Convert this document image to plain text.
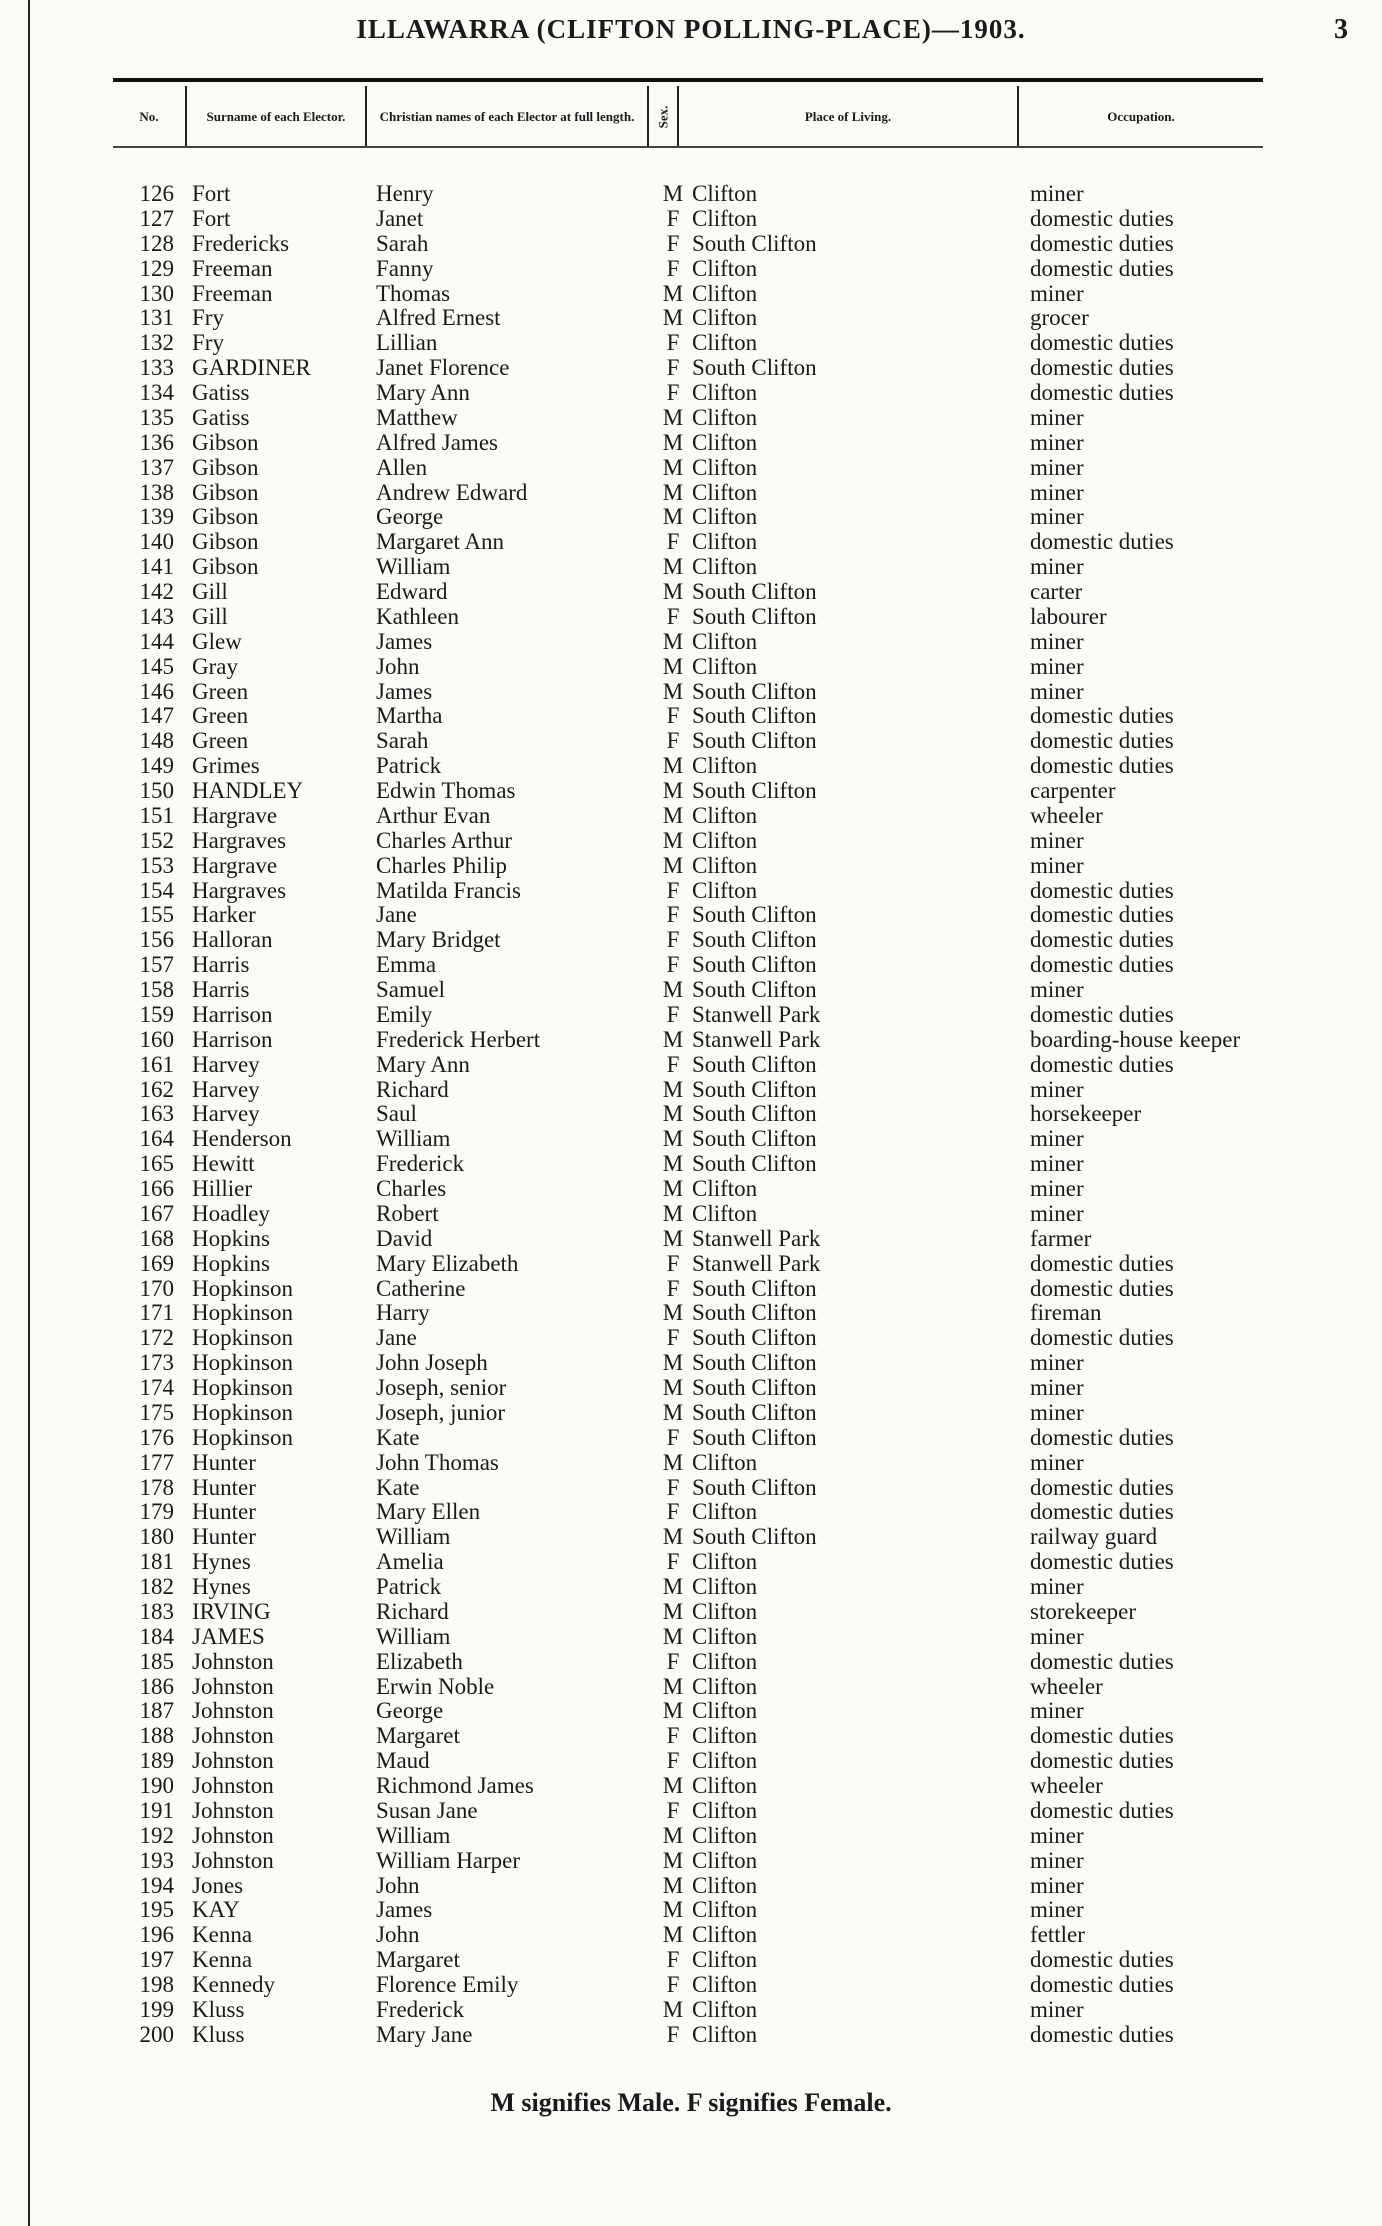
ILLAWARRA (CLIFTON POLLING-PLACE)—1903.	3
No.	Surname of each Elector.	Christian names of each Elector at full length.	Sex.	Place of Living.	Occupation.
126 Fort	Henry	M Clifton	miner
127 Fort	Janet	F Clifton	domestic duties
128 Fredericks	Sarah	F South Clifton	domestic duties
129 Freeman	Fanny	F Clifton	domestic duties
130 Freeman	Thomas	M Clifton	miner
131 Fry	Alfred Ernest	M Clifton	grocer
132 Fry	Lillian	F Clifton	domestic duties
133 GARDINER	Janet Florence	F South Clifton	domestic duties
134 Gatiss	Mary Ann	F Clifton	domestic duties
135 Gatiss	Matthew	M Clifton	miner
136 Gibson	Alfred James	M Clifton	miner
137 Gibson	Allen	M Clifton	miner
138 Gibson	Andrew Edward	M Clifton	miner
139 Gibson	George	M Clifton	miner
140 Gibson	Margaret Ann	F Clifton	domestic duties
141 Gibson	William	M Clifton	miner
142 Gill	Edward	M South Clifton	carter
143 Gill	Kathleen	F South Clifton	labourer
144 Glew	James	M Clifton	miner
145 Gray	John	M Clifton	miner
146 Green	James	M South Clifton	miner
147 Green	Martha	F South Clifton	domestic duties
148 Green	Sarah	F South Clifton	domestic duties
149 Grimes	Patrick	M Clifton	domestic duties
150 HANDLEY	Edwin Thomas	M South Clifton	carpenter
151 Hargrave	Arthur Evan	M Clifton	wheeler
152 Hargraves	Charles Arthur	M Clifton	miner
153 Hargrave	Charles Philip	M Clifton	miner
154 Hargraves	Matilda Francis	F Clifton	domestic duties
155 Harker	Jane	F South Clifton	domestic duties
156 Halloran	Mary Bridget	F South Clifton	domestic duties
157 Harris	Emma	F South Clifton	domestic duties
158 Harris	Samuel	M South Clifton	miner
159 Harrison	Emily	F Stanwell Park	domestic duties
160 Harrison	Frederick Herbert	M Stanwell Park	boarding-house keeper
161 Harvey	Mary Ann	F South Clifton	domestic duties
162 Harvey	Richard	M South Clifton	miner
163 Harvey	Saul	M South Clifton	horsekeeper
164 Henderson	William	M South Clifton	miner
165 Hewitt	Frederick	M South Clifton	miner
166 Hillier	Charles	M Clifton	miner
167 Hoadley	Robert	M Clifton	miner
168 Hopkins	David	M Stanwell Park	farmer
169 Hopkins	Mary Elizabeth	F Stanwell Park	domestic duties
170 Hopkinson	Catherine	F South Clifton	domestic duties
171 Hopkinson	Harry	M South Clifton	fireman
172 Hopkinson	Jane	F South Clifton	domestic duties
173 Hopkinson	John Joseph	M South Clifton	miner
174 Hopkinson	Joseph, senior	M South Clifton	miner
175 Hopkinson	Joseph, junior	M South Clifton	miner
176 Hopkinson	Kate	F South Clifton	domestic duties
177 Hunter	John Thomas	M Clifton	miner
178 Hunter	Kate	F South Clifton	domestic duties
179 Hunter	Mary Ellen	F Clifton	domestic duties
180 Hunter	William	M South Clifton	railway guard
181 Hynes	Amelia	F Clifton	domestic duties
182 Hynes	Patrick	M Clifton	miner
183 IRVING	Richard	M Clifton	storekeeper
184 JAMES	William	M Clifton	miner
185 Johnston	Elizabeth	F Clifton	domestic duties
186 Johnston	Erwin Noble	M Clifton	wheeler
187 Johnston	George	M Clifton	miner
188 Johnston	Margaret	F Clifton	domestic duties
189 Johnston	Maud	F Clifton	domestic duties
190 Johnston	Richmond James	M Clifton	wheeler
191 Johnston	Susan Jane	F Clifton	domestic duties
192 Johnston	William	M Clifton	miner
193 Johnston	William Harper	M Clifton	miner
194 Jones	John	M Clifton	miner
195 KAY	James	M Clifton	miner
196 Kenna	John	M Clifton	fettler
197 Kenna	Margaret	F Clifton	domestic duties
198 Kennedy	Florence Emily	F Clifton	domestic duties
199 Kluss	Frederick	M Clifton	miner
200 Kluss	Mary Jane	F Clifton	domestic duties
M signifies Male. F signifies Female.
